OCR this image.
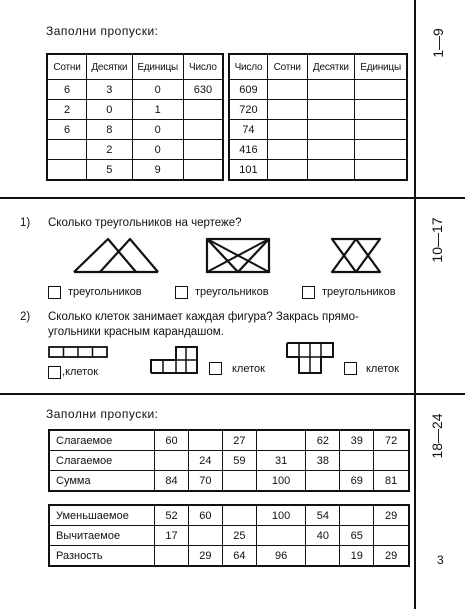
Заполни пропуски:	1—9
Сотни	Десятки	Единицы	Число
6	3	0	630
2	0	1	
6	8	0	
	2	0	
	5	9	
Число	Сотни	Десятки	Единицы
609			
720			
74			
416			
101			
10—17
1) Сколько треугольников на чертеже?
треугольников	треугольников	треугольников
2) Сколько клеток занимает каждая фигура? Закрась прямо-
угольники красным карандашом.
,клеток	клеток	клеток
Заполни пропуски:	18—24
3
Слагаемое	60		27		62	39	72
Слагаемое		24	59	31	38		
Сумма	84	70		100		69	81
Уменьшаемое	52	60		100	54		29
Вычитаемое	17		25		40	65	
Разность		29	64	96		19	29
